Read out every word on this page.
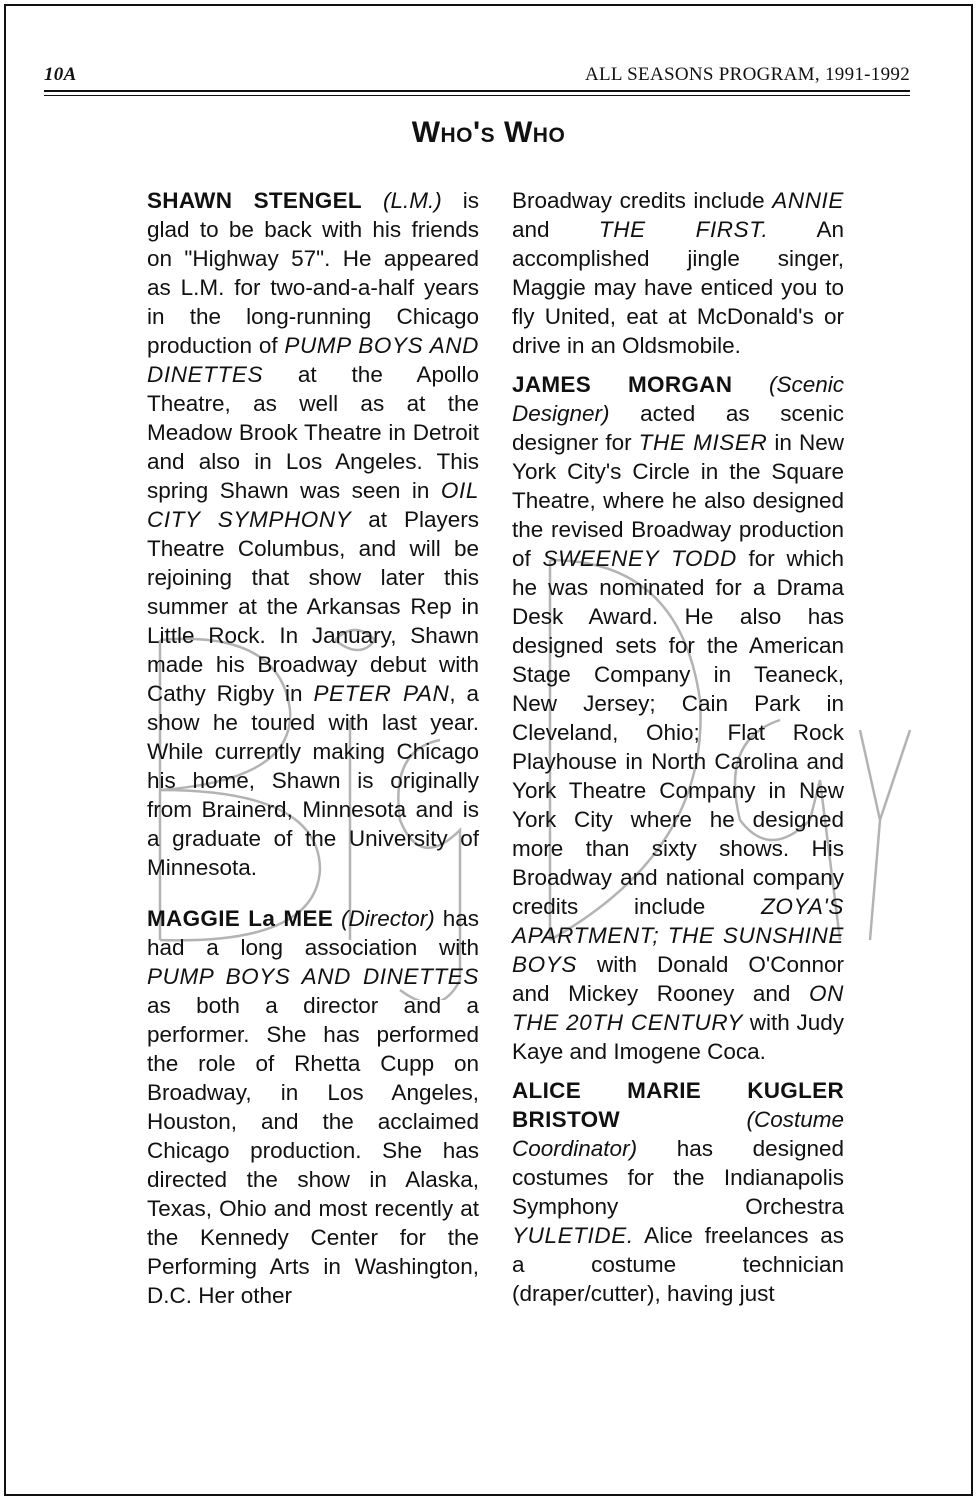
10A	ALL SEASONS PROGRAM, 1991-1992
Who's Who

SHAWN STENGEL (L.M.) is glad to be back with his friends on "Highway 57". He appeared as L.M. for two-and-a-half years in the long-running Chicago production of PUMP BOYS AND DINETTES at the Apollo Theatre, as well as at the Meadow Brook Theatre in Detroit and also in Los Angeles. This spring Shawn was seen in OIL CITY SYMPHONY at Players Theatre Columbus, and will be rejoining that show later this summer at the Arkansas Rep in Little Rock. In January, Shawn made his Broadway debut with Cathy Rigby in PETER PAN, a show he toured with last year. While currently making Chicago his home, Shawn is originally from Brainerd, Minnesota and is a graduate of the University of Minnesota.

MAGGIE La MEE (Director) has had a long association with PUMP BOYS AND DINETTES as both a director and a performer. She has performed the role of Rhetta Cupp on Broadway, in Los Angeles, Houston, and the acclaimed Chicago production. She has directed the show in Alaska, Texas, Ohio and most recently at the Kennedy Center for the Performing Arts in Washington, D.C. Her other

Broadway credits include ANNIE and THE FIRST. An accomplished jingle singer, Maggie may have enticed you to fly United, eat at McDonald's or drive in an Oldsmobile.

JAMES MORGAN (Scenic Designer) acted as scenic designer for THE MISER in New York City's Circle in the Square Theatre, where he also designed the revised Broadway production of SWEENEY TODD for which he was nominated for a Drama Desk Award. He also has designed sets for the American Stage Company in Teaneck, New Jersey; Cain Park in Cleveland, Ohio; Flat Rock Playhouse in North Carolina and York Theatre Company in New York City where he designed more than sixty shows. His Broadway and national company credits include ZOYA'S APARTMENT; THE SUNSHINE BOYS with Donald O'Connor and Mickey Rooney and ON THE 20TH CENTURY with Judy Kaye and Imogene Coca.

ALICE MARIE KUGLER BRISTOW	(Costume Coordinator) has designed costumes for the Indianapolis Symphony Orchestra YULETIDE. Alice freelances as a costume technician (draper/cutter), having just
